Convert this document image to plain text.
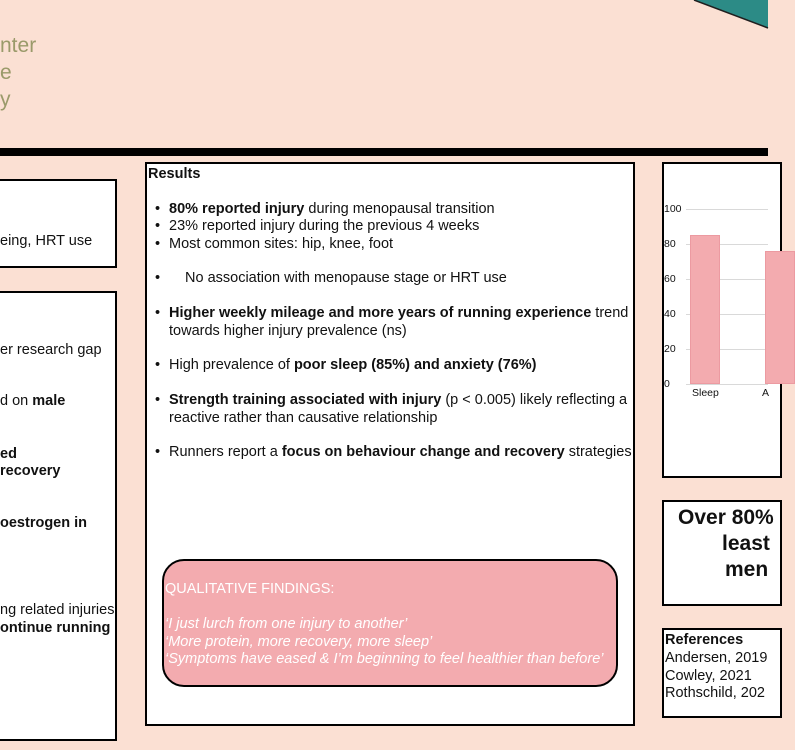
nter
e
y
eing, HRT use
er research gap
d on male
ed
recovery
oestrogen in
ng related injuries
ontinue running
Results
• 80% reported injury during menopausal transition
• 23% reported injury during the previous 4 weeks
• Most common sites: hip, knee, foot
• No association with menopause stage or HRT use
• Higher weekly mileage and more years of running experience trend
towards higher injury prevalence (ns)
• High prevalence of poor sleep (85%) and anxiety (76%)
• Strength training associated with injury (p < 0.005) likely reflecting a
reactive rather than causative relationship
• Runners report a focus on behaviour change and recovery strategies
QUALITATIVE FINDINGS:
‘I just lurch from one injury to another’
‘More protein, more recovery, more sleep’
‘Symptoms have eased & I’m beginning to feel healthier than before’
100
80
60
40
20
0
Sleep	A
Over 80%
least
men
References
Andersen, 2019
Cowley, 2021
Rothschild, 202
